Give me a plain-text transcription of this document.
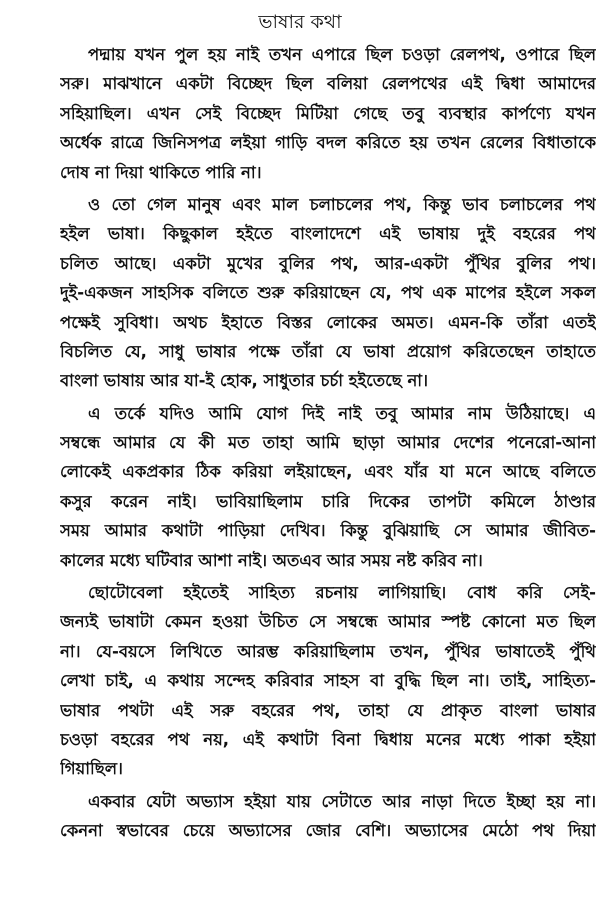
ভাষার কথা
পদ্মায় যখন পুল হয় নাই তখন এপারে ছিল চওড়া রেলপথ, ওপারে ছিল
সরু। মাঝখানে একটা বিচ্ছেদ ছিল বলিয়া রেলপথের এই দ্বিধা আমাদের
সহিয়াছিল। এখন সেই বিচ্ছেদ মিটিয়া গেছে তবু ব্যবস্থার কার্পণ্যে যখন
অর্ধেক রাত্রে জিনিসপত্র লইয়া গাড়ি বদল করিতে হয় তখন রেলের বিধাতাকে
দোষ না দিয়া থাকিতে পারি না।
ও তো গেল মানুষ এবং মাল চলাচলের পথ, কিন্তু ভাব চলাচলের পথ
হইল ভাষা। কিছুকাল হইতে বাংলাদেশে এই ভাষায় দুই বহরের পথ
চলিত আছে। একটা মুখের বুলির পথ, আর-একটা পুঁথির বুলির পথ।
দুই-একজন সাহসিক বলিতে শুরু করিয়াছেন যে, পথ এক মাপের হইলে সকল
পক্ষেই সুবিধা। অথচ ইহাতে বিস্তর লোকের অমত। এমন-কি তাঁরা এতই
বিচলিত যে, সাধু ভাষার পক্ষে তাঁরা যে ভাষা প্রয়োগ করিতেছেন তাহাতে
বাংলা ভাষায় আর যা-ই হোক, সাধুতার চর্চা হইতেছে না।
এ তর্কে যদিও আমি যোগ দিই নাই তবু আমার নাম উঠিয়াছে। এ
সম্বন্ধে আমার যে কী মত তাহা আমি ছাড়া আমার দেশের পনেরো-আনা
লোকেই একপ্রকার ঠিক করিয়া লইয়াছেন, এবং যাঁর যা মনে আছে বলিতে
কসুর করেন নাই। ভাবিয়াছিলাম চারি দিকের তাপটা কমিলে ঠাণ্ডার
সময় আমার কথাটা পাড়িয়া দেখিব। কিন্তু বুঝিয়াছি সে আমার জীবিত-
কালের মধ্যে ঘটিবার আশা নাই। অতএব আর সময় নষ্ট করিব না।
ছোটোবেলা হইতেই সাহিত্য রচনায় লাগিয়াছি। বোধ করি সেই-
জন্যই ভাষাটা কেমন হওয়া উচিত সে সম্বন্ধে আমার স্পষ্ট কোনো মত ছিল
না। যে-বয়সে লিখিতে আরম্ভ করিয়াছিলাম তখন, পুঁথির ভাষাতেই পুঁথি
লেখা চাই, এ কথায় সন্দেহ করিবার সাহস বা বুদ্ধি ছিল না। তাই, সাহিত্য-
ভাষার পথটা এই সরু বহরের পথ, তাহা যে প্রাকৃত বাংলা ভাষার
চওড়া বহরের পথ নয়, এই কথাটা বিনা দ্বিধায় মনের মধ্যে পাকা হইয়া
গিয়াছিল।
একবার যেটা অভ্যাস হইয়া যায় সেটাতে আর নাড়া দিতে ইচ্ছা হয় না।
কেননা স্বভাবের চেয়ে অভ্যাসের জোর বেশি। অভ্যাসের মেঠো পথ দিয়া
